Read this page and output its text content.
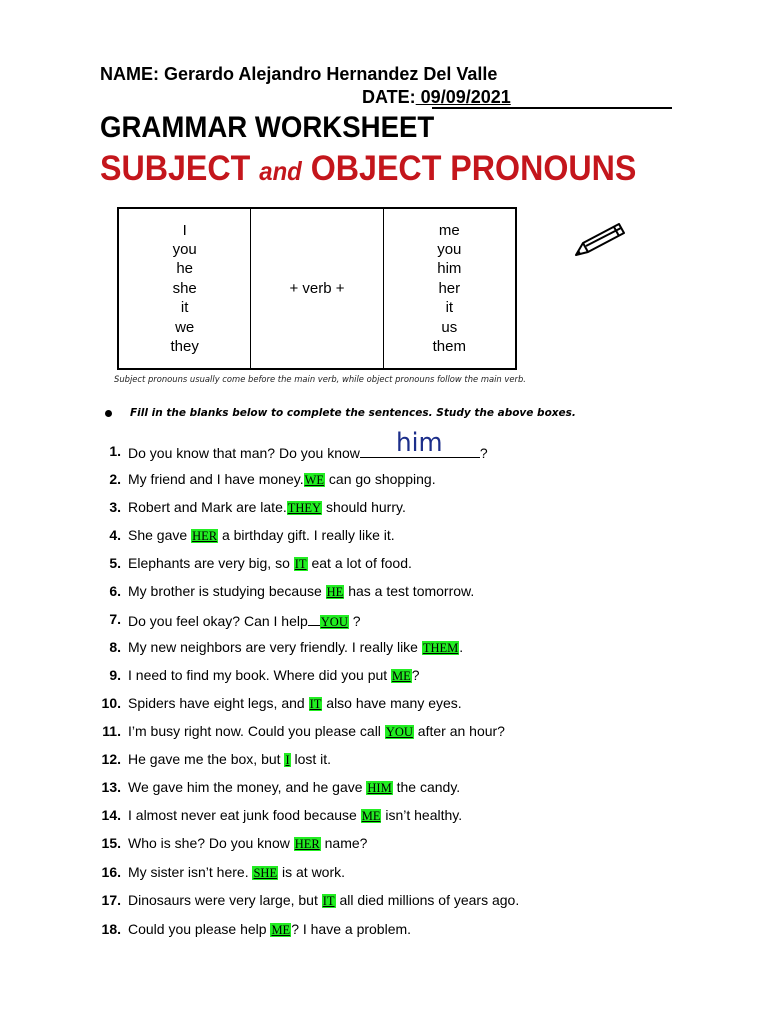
NAME: Gerardo Alejandro Hernandez Del Valle
DATE: 09/09/2021
GRAMMAR WORKSHEET
SUBJECT and OBJECT PRONOUNS
I
you
he
she
it
we
they
+ verb +
me
you
him
her
it
us
them
Subject pronouns usually come before the main verb, while object pronouns follow the main verb.
Fill in the blanks below to complete the sentences. Study the above boxes.
1. Do you know that man? Do you know	?
2. My friend and I have money.WE can go shopping.
3. Robert and Mark are late.THEY should hurry.
4. She gave HER a birthday gift. I really like it.
5. Elephants are very big, so IT eat a lot of food.
6. My brother is studying because HE has a test tomorrow.
7. Do you feel okay? Can I help YOU ?
8. My new neighbors are very friendly. I really like THEM.
9. I need to find my book. Where did you put ME?
10. Spiders have eight legs, and IT also have many eyes.
11. I’m busy right now. Could you please call YOU after an hour?
12. He gave me the box, but I lost it.
13. We gave him the money, and he gave HIM the candy.
14. I almost never eat junk food because ME isn’t healthy.
15. Who is she? Do you know HER name?
16. My sister isn’t here. SHE is at work.
17. Dinosaurs were very large, but IT all died millions of years ago.
18. Could you please help ME? I have a problem.
him
